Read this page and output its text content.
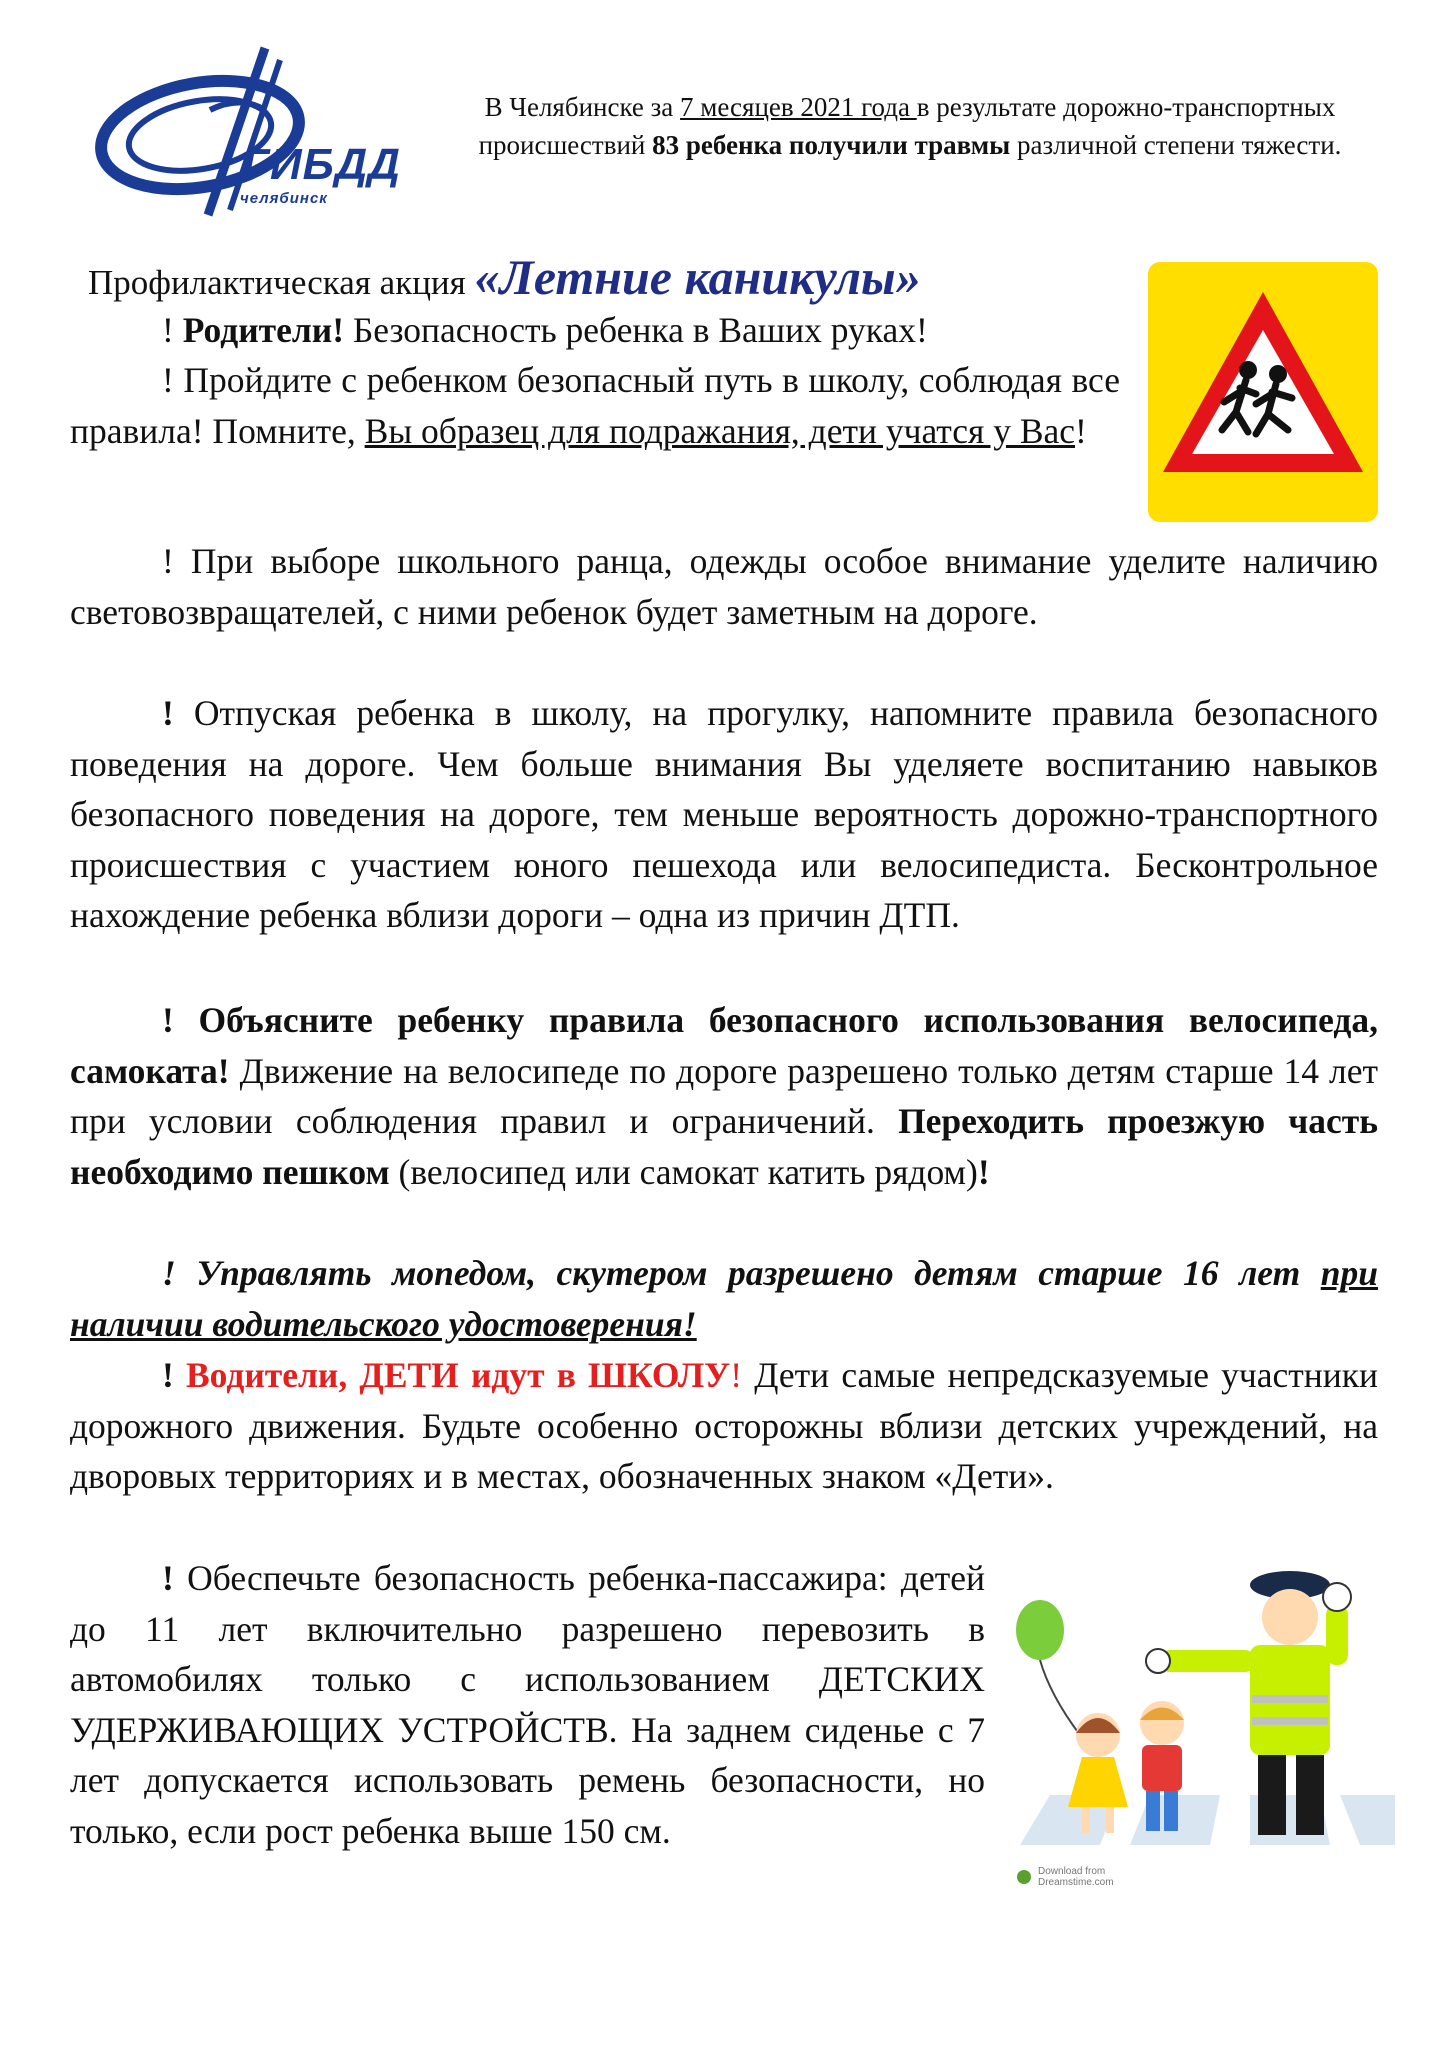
ГИБДД
челябинск
В Челябинске за 7 месяцев 2021 года в результате дорожно-транспортных происшествий 83 ребенка получили травмы различной степени тяжести.
Профилактическая акция «Летние каникулы»
! Родители! Безопасность ребенка в Ваших руках!
! Пройдите с ребенком безопасный путь в школу, соблюдая все правила! Помните, Вы образец для подражания, дети учатся у Вас!
! При выборе школьного ранца, одежды особое внимание уделите наличию световозвращателей, с ними ребенок будет заметным на дороге.
! Отпуская ребенка в школу, на прогулку, напомните правила безопасного поведения на дороге. Чем больше внимания Вы уделяете воспитанию навыков безопасного поведения на дороге, тем меньше вероятность дорожно-транспортного происшествия с участием юного пешехода или велосипедиста. Бесконтрольное нахождение ребенка вблизи дороги – одна из причин ДТП.
! Объясните ребенку правила безопасного использования велосипеда, самоката! Движение на велосипеде по дороге разрешено только детям старше 14 лет при условии соблюдения правил и ограничений. Переходить проезжую часть необходимо пешком (велосипед или самокат катить рядом)!
! Управлять мопедом, скутером разрешено детям старше 16 лет при наличии водительского удостоверения!
! Водители, ДЕТИ идут в ШКОЛУ! Дети самые непредсказуемые участники дорожного движения. Будьте особенно осторожны вблизи детских учреждений, на дворовых территориях и в местах, обозначенных знаком «Дети».
! Обеспечьте безопасность ребенка-пассажира: детей до 11 лет включительно разрешено перевозить в автомобилях только с использованием ДЕТСКИХ УДЕРЖИВАЮЩИХ УСТРОЙСТВ. На заднем сиденье с 7 лет допускается использовать ремень безопасности, но только, если рост ребенка выше 150 см.
Download from Dreamstime.com
